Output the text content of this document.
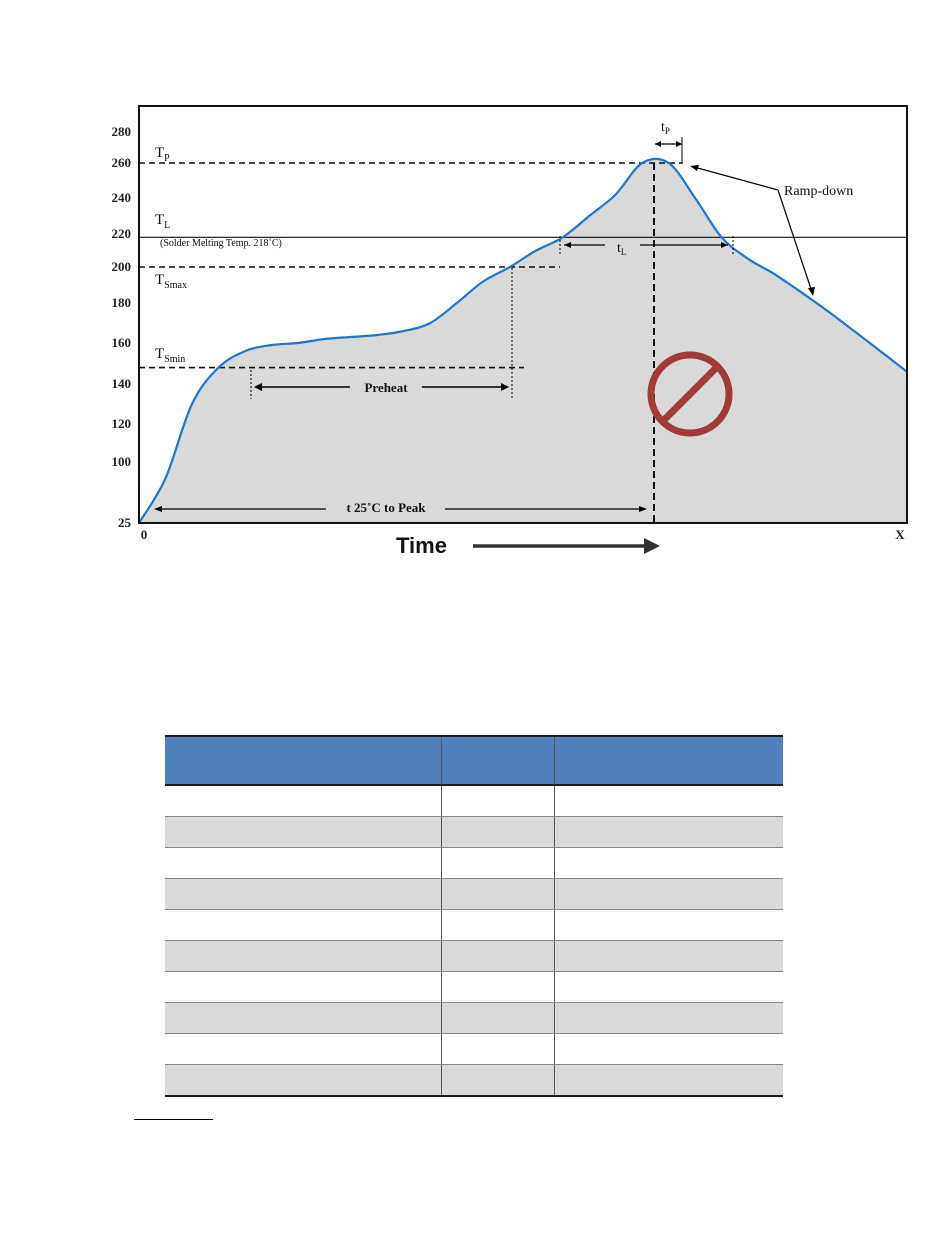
25
100
120
140
160
180
200
220
240
260
280
$T_P$
$T_L$
(Solder Melting Temp. 218˚C)
$T_{Smax}$
$T_{Smin}$
$t_P$
$t_L$
Ramp-down
Preheat
t 25˚C to Peak
0	X
Time
